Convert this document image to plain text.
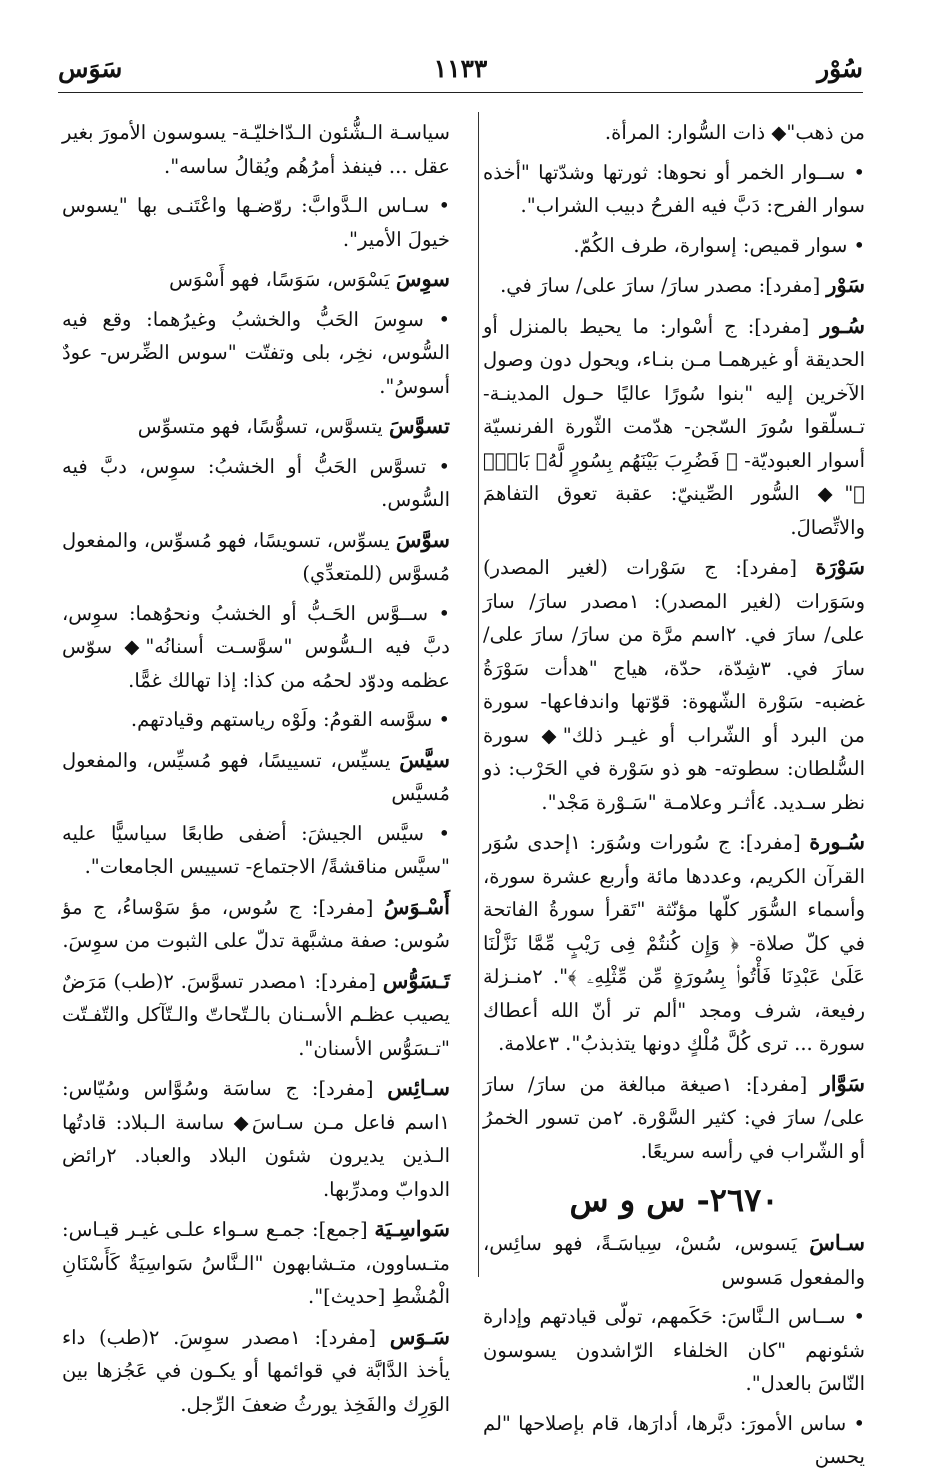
سُوْر
١١٣٣
سَوَس

من ذهب"◆ ذات السُّوار: المرأة.

• ســوار الخمر أو نحوها: ثورتها وشدّتها "أخذه سوار الفرح: دَبَّ فيه الفرحُ دبيب الشراب".

• سوار قميص: إسوارة، طرف الكُمّ.

سَوْر [مفرد]: مصدر سارَ/ سارَ على/ سارَ في.

سُـور [مفرد]: ج أسْوار: ما يحيط بالمنزل أو الحديقة أو غيرهمـا مـن بنـاء، ويحول دون وصول الآخرين إليه "بنوا سُورًا عاليًا حـول المدينـة- تـسلّقوا سُورَ السّجن- هدّمت الثّورة الفرنسيّة أسوار العبوديّة- ﴿ فَضُرِبَ بَيْنَهُم بِسُورٍ لَّهُۥ بَابٌۢ ﴾"◆ السُّور الصِّينيّ: عقبة تعوق التفاهمَ والاتِّصالَ.

سَوْرَة [مفرد]: ج سَوْرات (لغير المصدر) وسَوَرات (لغير المصدر): ١مصدر سارَ/ سارَ على/ سارَ في. ٢اسم مرَّة من سارَ/ سارَ على/ سارَ في. ٣شِدّة، حدّة، هياج "هدأت سَوْرَةُ غضبه- سَوْرة الشّهوة: قوّتها واندفاعها- سورة من البرد أو الشّراب أو غيـر ذلك"◆ سورة السُّلطان: سطوته- هو ذو سَوْرة في الحَرْب: ذو نظر سـديد. ٤أثـر وعلامـة "سَـوْرة مَجْد".

سُـورة [مفرد]: ج سُورات وسُوَر: ١إحدى سُوَر القرآن الكريم، وعددها مائة وأربع عشرة سورة، وأسماء السُّوَر كلّها مؤنّثة "تَقرأ سورةُ الفاتحة في كلّ صلاة- ﴿ وَإِن كُنتُمْ فِى رَيْبٍ مِّمَّا نَزَّلْنَا عَلَىٰ عَبْدِنَا فَأْتُوا۟ بِسُورَةٍ مِّن مِّثْلِهِۦ ﴾". ٢منـزلة رفيعة، شرف ومجد "ألم تر أنّ الله أعطاك سورة ... ترى كُلَّ مُلْكٍ دونها يتذبذبُ". ٣علامة.

سَوَّار [مفرد]: ١صيغة مبالغة من سارَ/ سارَ على/ سارَ في: كثير السَّوْرة. ٢من تسور الخمرُ أو الشّراب في رأسه سريعًا.

٢٦٧٠- س و س

سـاسَ يَسوس، سُسْ، سِياسَـةً، فهو سائِس، والمفعول مَسوس

• ســاس الـنَّاسَ: حَكَمهم، تولّى قيادتهم وإدارة شئونهم "كان الخلفاء الرّاشدون يسوسون النّاسَ بالعدل".

• ساس الأمورَ: دبَّرها، أدارَها، قام بإصلاحها "لم يحسن

سياسـة الـشُّئون الـدّاخليّـة- يسوسون الأمورَ بغير عقل ... فينفذ أمرُهُم ويُقالُ ساسه".

• سـاس الـدَّوابَّ: روّضـها واعْتَنـى بها "يسوس خيولَ الأمير".

سوِسَ يَسْوَس، سَوَسًا، فهو أَسْوَس

• سوِسَ الحَبُّ والخشبُ وغيرُهما: وقع فيه السُّوس، نخِر، بلى وتفتّت "سوس الضِّرس- عودٌ أسوسُ".

تسوَّسَ يتسوَّس، تسوُّسًا، فهو متسوِّس

• تسوَّس الحَبُّ أو الخشبُ: سوِس، دبَّ فيه السُّوس.

سوَّسَ يسوِّس، تسويسًا، فهو مُسوِّس، والمفعول مُسوَّس (للمتعدِّي)

• ســوَّس الحَـبُّ أو الخشبُ ونحوُهما: سوِس، دبَّ فيه الـسُّوس "سوَّسـت أسنانُه"◆ سوّس عظمه ودوّد لحمُه من كذا: إذا تهالك غمًّا.

• سوَّسه القومُ: ولَوْه رياستهم وقيادتهم.

سيَّسَ يسيِّس، تسييسًا، فهو مُسيِّس، والمفعول مُسيَّس

• سيَّس الجيشَ: أضفى طابعًا سياسيًّا عليه "سيَّس مناقشةً/ الاجتماع- تسييس الجامعات".

أَسْـوَسُ [مفرد]: ج سُوس، مؤ سَوْساءُ، ج مؤ سُوس: صفة مشبَّهة تدلّ على الثبوت من سوِسَ.

تَـسَوُّس [مفرد]: ١مصدر تسوَّسَ. ٢(طب) مَرَضٌ يصيب عظـم الأسـنان بالـتّحاتّ والـتّآكل والتّفـتّت "تـسَوُّس الأسنان".

سـائِس [مفرد]: ج ساسَة وسُوَّاس وسُيّاس: ١اسم فاعل مـن سـاسَ◆ ساسة الـبلاد: قادتُها الـذين يديرون شئون البلاد والعباد. ٢رائض الدوابّ ومدرِّبها.

سَواسِـيَة [جمع]: جمـع سـواء علـى غيـر قيـاس: متـساوون، متـشابهون "الـنَّاسُ سَواسِيَةٌ كَأَسْنَانِ الْمُشْطِ [حديث]".

سَـوَس [مفرد]: ١مصدر سوِسَ. ٢(طب) داء يأخذ الدَّابَّة في قوائمها أو يكـون في عَجُزها بين الوَرِك والفَخِذ يورثُ ضعفَ الرِّجل.
